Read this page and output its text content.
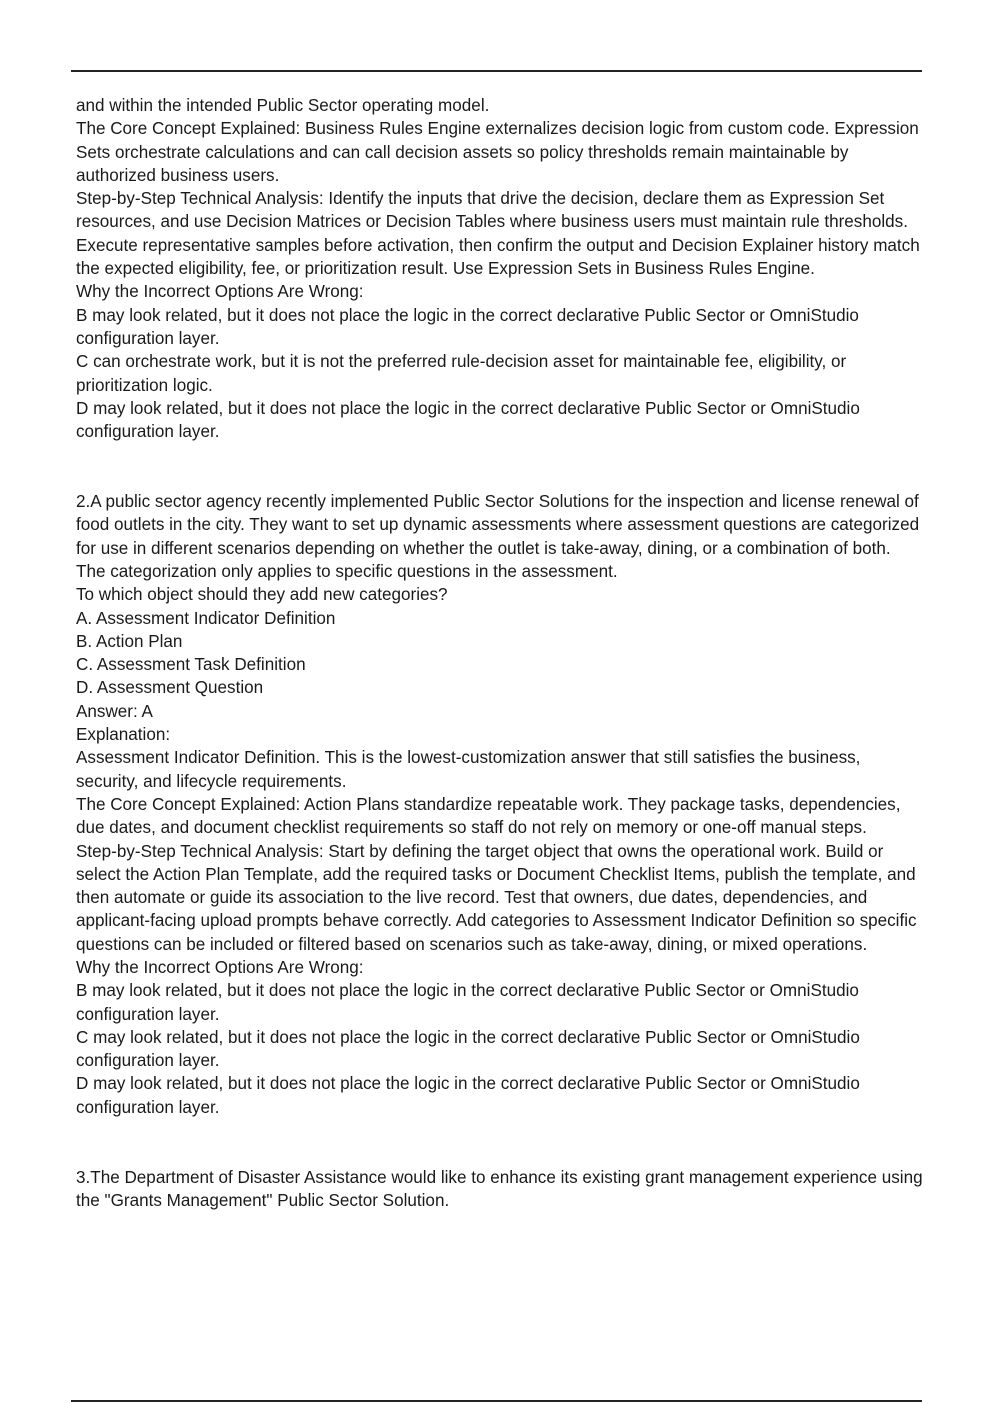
and within the intended Public Sector operating model.

The Core Concept Explained: Business Rules Engine externalizes decision logic from custom code. Expression Sets orchestrate calculations and can call decision assets so policy thresholds remain maintainable by authorized business users.

Step-by-Step Technical Analysis: Identify the inputs that drive the decision, declare them as Expression Set resources, and use Decision Matrices or Decision Tables where business users must maintain rule thresholds. Execute representative samples before activation, then confirm the output and Decision Explainer history match the expected eligibility, fee, or prioritization result. Use Expression Sets in Business Rules Engine.

Why the Incorrect Options Are Wrong:

B may look related, but it does not place the logic in the correct declarative Public Sector or OmniStudio configuration layer.

C can orchestrate work, but it is not the preferred rule-decision asset for maintainable fee, eligibility, or prioritization logic.

D may look related, but it does not place the logic in the correct declarative Public Sector or OmniStudio configuration layer.

2.A public sector agency recently implemented Public Sector Solutions for the inspection and license renewal of food outlets in the city. They want to set up dynamic assessments where assessment questions are categorized for use in different scenarios depending on whether the outlet is take-away, dining, or a combination of both. The categorization only applies to specific questions in the assessment.

To which object should they add new categories?

A. Assessment Indicator Definition

B. Action Plan

C. Assessment Task Definition

D. Assessment Question

Answer: A

Explanation:

Assessment Indicator Definition. This is the lowest-customization answer that still satisfies the business, security, and lifecycle requirements.

The Core Concept Explained: Action Plans standardize repeatable work. They package tasks, dependencies, due dates, and document checklist requirements so staff do not rely on memory or one-off manual steps.

Step-by-Step Technical Analysis: Start by defining the target object that owns the operational work. Build or select the Action Plan Template, add the required tasks or Document Checklist Items, publish the template, and then automate or guide its association to the live record. Test that owners, due dates, dependencies, and applicant-facing upload prompts behave correctly. Add categories to Assessment Indicator Definition so specific questions can be included or filtered based on scenarios such as take-away, dining, or mixed operations.

Why the Incorrect Options Are Wrong:

B may look related, but it does not place the logic in the correct declarative Public Sector or OmniStudio configuration layer.

C may look related, but it does not place the logic in the correct declarative Public Sector or OmniStudio configuration layer.

D may look related, but it does not place the logic in the correct declarative Public Sector or OmniStudio configuration layer.

3.The Department of Disaster Assistance would like to enhance its existing grant management experience using the "Grants Management" Public Sector Solution.
